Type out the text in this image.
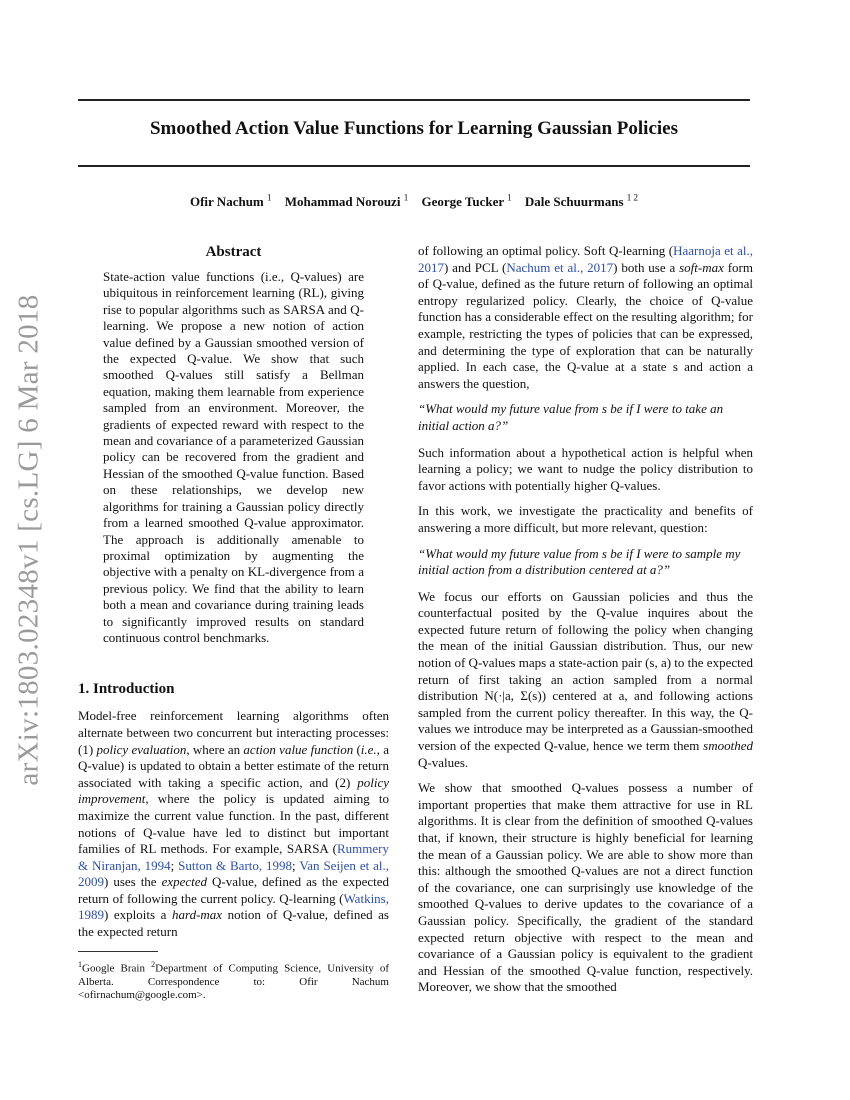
arXiv:1803.02348v1 [cs.LG] 6 Mar 2018
Smoothed Action Value Functions for Learning Gaussian Policies
Ofir Nachum $^1$ Mohammad Norouzi $^1$ George Tucker $^1$ Dale Schuurmans $^{1 2}$
Abstract
State-action value functions (i.e., Q-values) are ubiquitous in reinforcement learning (RL), giving rise to popular algorithms such as SARSA and Q-learning. We propose a new notion of action value defined by a Gaussian smoothed version of the expected Q-value. We show that such smoothed Q-values still satisfy a Bellman equation, making them learnable from experience sampled from an environment. Moreover, the gradients of expected reward with respect to the mean and covariance of a parameterized Gaussian policy can be recovered from the gradient and Hessian of the smoothed Q-value function. Based on these relationships, we develop new algorithms for training a Gaussian policy directly from a learned smoothed Q-value approximator. The approach is additionally amenable to proximal optimization by augmenting the objective with a penalty on KL-divergence from a previous policy. We find that the ability to learn both a mean and covariance during training leads to significantly improved results on standard continuous control benchmarks.
1. Introduction

Model-free reinforcement learning algorithms often alternate between two concurrent but interacting processes: (1) policy evaluation, where an action value function (i.e., a Q-value) is updated to obtain a better estimate of the return associated with taking a specific action, and (2) policy improvement, where the policy is updated aiming to maximize the current value function. In the past, different notions of Q-value have led to distinct but important families of RL methods. For example, SARSA (Rummery & Niranjan, 1994; Sutton & Barto, 1998; Van Seijen et al., 2009) uses the expected Q-value, defined as the expected return of following the current policy. Q-learning (Watkins, 1989) exploits a hard-max notion of Q-value, defined as the expected return

$^1$Google Brain $^2$Department of Computing Science, University of Alberta. Correspondence to: Ofir Nachum <ofirnachum@google.com>.

of following an optimal policy. Soft Q-learning (Haarnoja et al., 2017) and PCL (Nachum et al., 2017) both use a soft-max form of Q-value, defined as the future return of following an optimal entropy regularized policy. Clearly, the choice of Q-value function has a considerable effect on the resulting algorithm; for example, restricting the types of policies that can be expressed, and determining the type of exploration that can be naturally applied. In each case, the Q-value at a state s and action a answers the question,

“What would my future value from s be if I were to take an initial action a?”

Such information about a hypothetical action is helpful when learning a policy; we want to nudge the policy distribution to favor actions with potentially higher Q-values.

In this work, we investigate the practicality and benefits of answering a more difficult, but more relevant, question:

“What would my future value from s be if I were to sample my initial action from a distribution centered at a?”

We focus our efforts on Gaussian policies and thus the counterfactual posited by the Q-value inquires about the expected future return of following the policy when changing the mean of the initial Gaussian distribution. Thus, our new notion of Q-values maps a state-action pair (s, a) to the expected return of first taking an action sampled from a normal distribution N(·|a, Σ(s)) centered at a, and following actions sampled from the current policy thereafter. In this way, the Q-values we introduce may be interpreted as a Gaussian-smoothed version of the expected Q-value, hence we term them smoothed Q-values.

We show that smoothed Q-values possess a number of important properties that make them attractive for use in RL algorithms. It is clear from the definition of smoothed Q-values that, if known, their structure is highly beneficial for learning the mean of a Gaussian policy. We are able to show more than this: although the smoothed Q-values are not a direct function of the covariance, one can surprisingly use knowledge of the smoothed Q-values to derive updates to the covariance of a Gaussian policy. Specifically, the gradient of the standard expected return objective with respect to the mean and covariance of a Gaussian policy is equivalent to the gradient and Hessian of the smoothed Q-value function, respectively. Moreover, we show that the smoothed
